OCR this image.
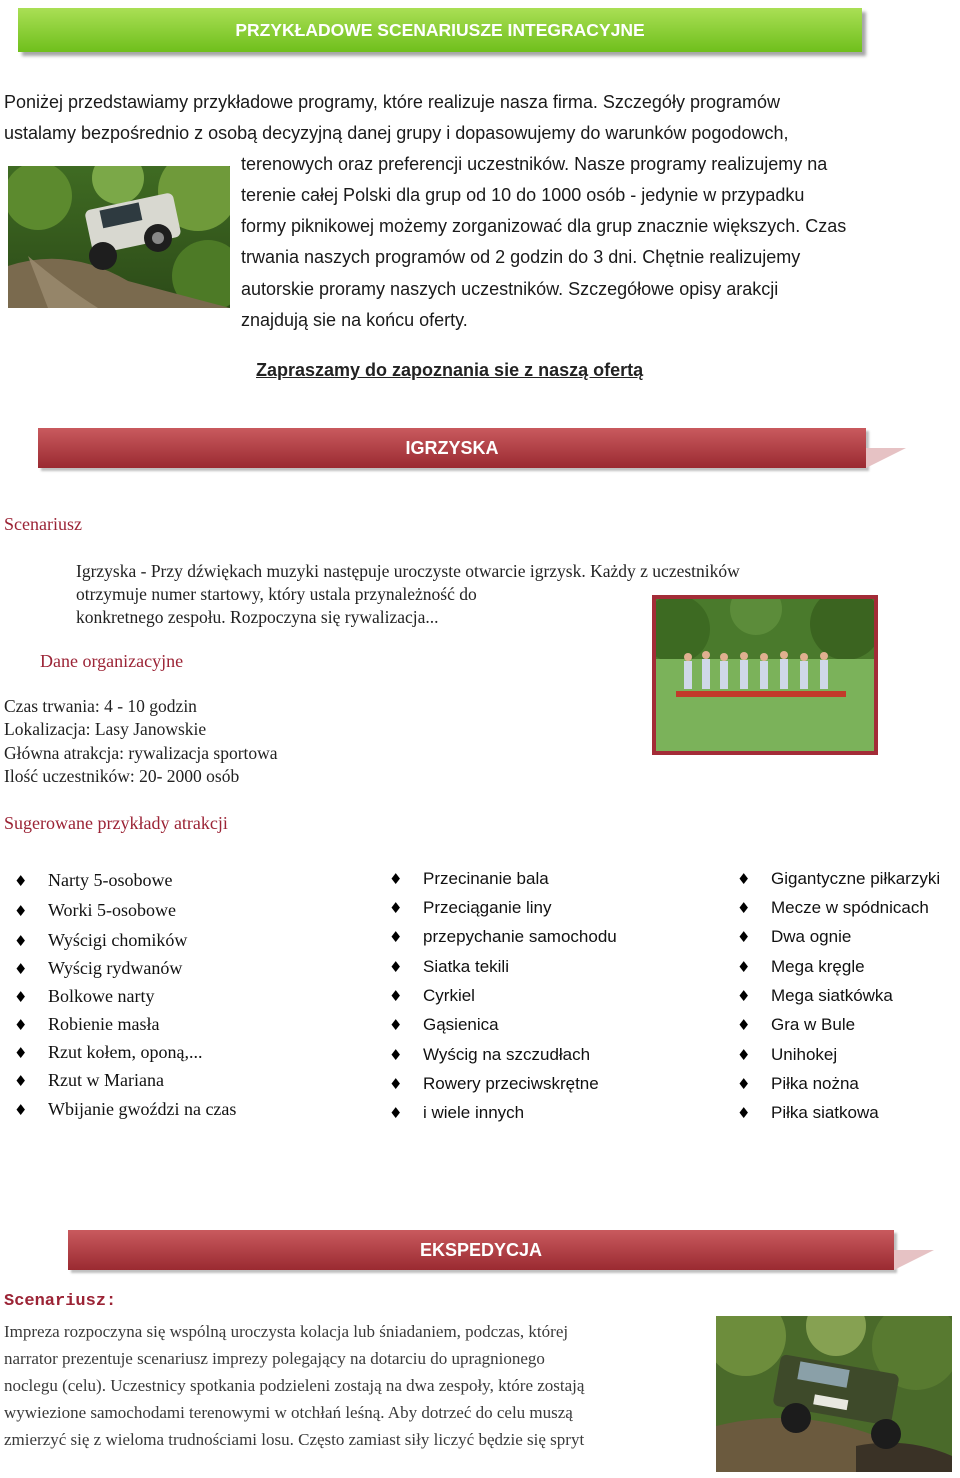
PRZYKŁADOWE SCENARIUSZE INTEGRACYJNE
Poniżej przedstawiamy przykładowe programy, które realizuje nasza firma. Szczegóły programów
ustalamy bezpośrednio z osobą decyzyjną danej grupy i dopasowujemy do warunków pogodowch,
terenowych oraz preferencji uczestników. Nasze programy realizujemy na
terenie całej Polski dla grup od 10 do 1000 osób - jedynie w przypadku
formy piknikowej możemy zorganizować dla grup znacznie większych. Czas
trwania naszych programów od 2 godzin do 3 dni. Chętnie realizujemy
autorskie proramy naszych uczestników. Szczegółowe opisy arakcji
znajdują sie na końcu oferty.
Zapraszamy do zapoznania sie z naszą ofertą
IGRZYSKA
Scenariusz
Igrzyska - Przy dźwiękach muzyki następuje uroczyste otwarcie igrzysk. Każdy z uczestników
otrzymuje numer startowy, który ustala przynależność do
konkretnego zespołu. Rozpoczyna się rywalizacja...
Dane organizacyjne
Czas trwania: 4 - 10 godzin
Lokalizacja: Lasy Janowskie
Główna atrakcja: rywalizacja sportowa
Ilość uczestników: 20- 2000 osób
Sugerowane przykłady atrakcji
♦	Narty 5-osobowe
♦	Worki 5-osobowe
♦	Wyścigi chomików
♦	Wyścig rydwanów
♦	Bolkowe narty
♦	Robienie masła
♦	Rzut kołem, oponą,...
♦	Rzut w Mariana
♦	Wbijanie gwoździ na czas
♦	Przecinanie bala
♦	Przeciąganie liny
♦	przepychanie samochodu
♦	Siatka tekili
♦	Cyrkiel
♦	Gąsienica
♦	Wyścig na szczudłach
♦	Rowery przeciwskrętne
♦	i wiele innych
♦	Gigantyczne piłkarzyki
♦	Mecze w spódnicach
♦	Dwa ognie
♦	Mega kręgle
♦	Mega siatkówka
♦	Gra w Bule
♦	Unihokej
♦	Piłka nożna
♦	Piłka siatkowa
EKSPEDYCJA
Scenariusz:
Impreza rozpoczyna się wspólną uroczysta kolacja lub śniadaniem, podczas, której
narrator prezentuje scenariusz imprezy polegający na dotarciu do upragnionego
noclegu (celu). Uczestnicy spotkania podzieleni zostają na dwa zespoły, które zostają
wywiezione samochodami terenowymi w otchłań leśną. Aby dotrzeć do celu muszą
zmierzyć się z wieloma trudnościami losu. Często zamiast siły liczyć będzie się spryt
